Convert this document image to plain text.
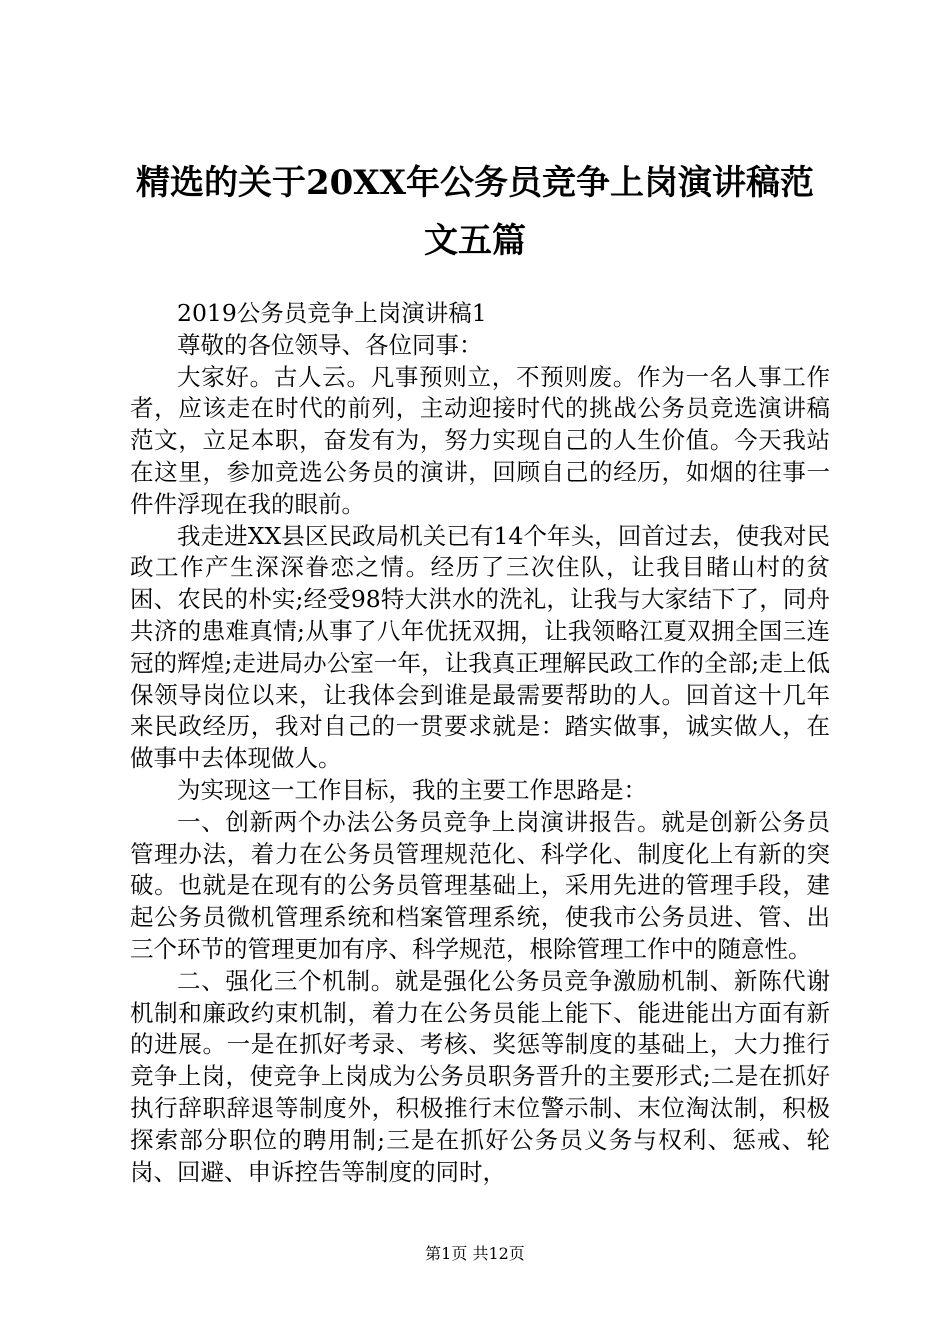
精选的关于20XX年公务员竞争上岗演讲稿范
文五篇

2019公务员竞争上岗演讲稿1

尊敬的各位领导、各位同事：

大家好。古人云。凡事预则立，不预则废。作为一名人事工作者，应该走在时代的前列，主动迎接时代的挑战公务员竞选演讲稿范文，立足本职，奋发有为，努力实现自己的人生价值。今天我站在这里，参加竞选公务员的演讲，回顾自己的经历，如烟的往事一件件浮现在我的眼前。

我走进XX县区民政局机关已有14个年头，回首过去，使我对民政工作产生深深眷恋之情。经历了三次住队，让我目睹山村的贫困、农民的朴实;经受98特大洪水的洗礼，让我与大家结下了，同舟共济的患难真情;从事了八年优抚双拥，让我领略江夏双拥全国三连冠的辉煌;走进局办公室一年，让我真正理解民政工作的全部;走上低保领导岗位以来，让我体会到谁是最需要帮助的人。回首这十几年来民政经历，我对自己的一贯要求就是：踏实做事，诚实做人，在做事中去体现做人。

为实现这一工作目标，我的主要工作思路是：

一、创新两个办法公务员竞争上岗演讲报告。就是创新公务员管理办法，着力在公务员管理规范化、科学化、制度化上有新的突破。也就是在现有的公务员管理基础上，采用先进的管理手段，建起公务员微机管理系统和档案管理系统，使我市公务员进、管、出三个环节的管理更加有序、科学规范，根除管理工作中的随意性。

二、强化三个机制。就是强化公务员竞争激励机制、新陈代谢机制和廉政约束机制，着力在公务员能上能下、能进能出方面有新的进展。一是在抓好考录、考核、奖惩等制度的基础上，大力推行竞争上岗，使竞争上岗成为公务员职务晋升的主要形式;二是在抓好执行辞职辞退等制度外，积极推行末位警示制、末位淘汰制，积极探索部分职位的聘用制;三是在抓好公务员义务与权利、惩戒、轮岗、回避、申诉控告等制度的同时，

第1页 共12页
